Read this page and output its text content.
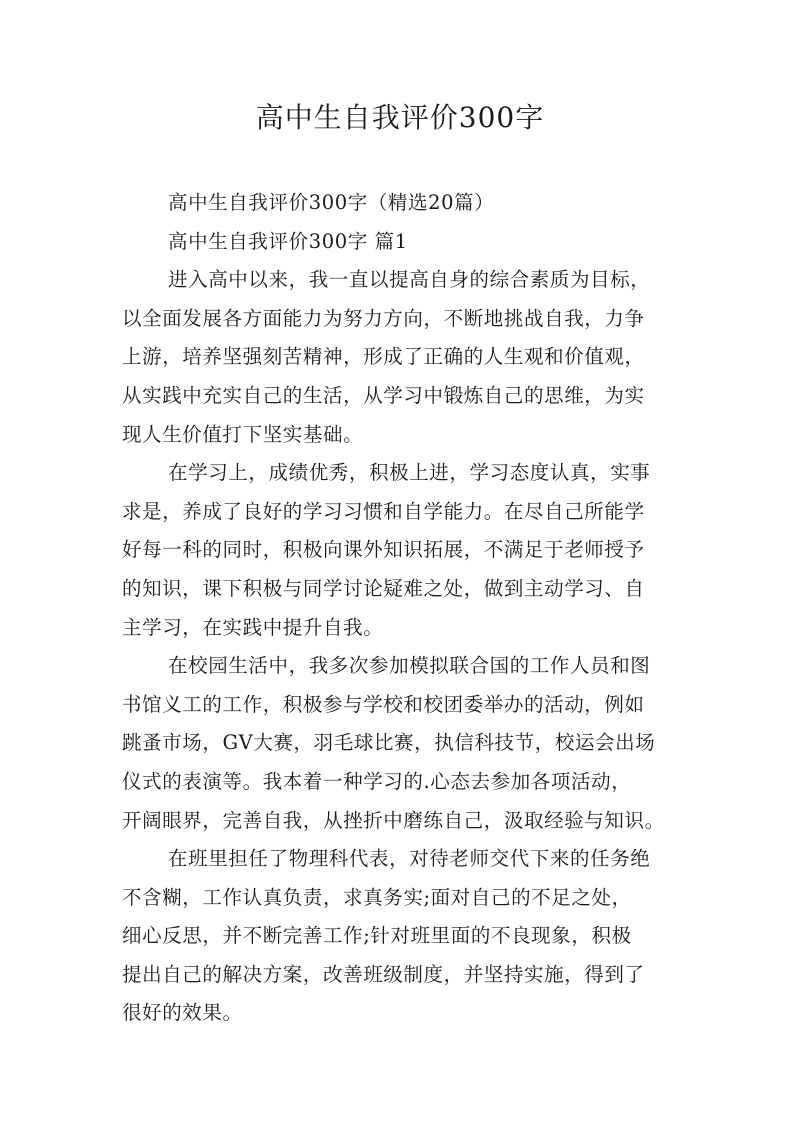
高中生自我评价300字
高中生自我评价300字（精选20篇）
高中生自我评价300字 篇1
进入高中以来，我一直以提高自身的综合素质为目标，
以全面发展各方面能力为努力方向，不断地挑战自我，力争
上游，培养坚强刻苦精神，形成了正确的人生观和价值观，
从实践中充实自己的生活，从学习中锻炼自己的思维，为实
现人生价值打下坚实基础。
在学习上，成绩优秀，积极上进，学习态度认真，实事
求是，养成了良好的学习习惯和自学能力。在尽自己所能学
好每一科的同时，积极向课外知识拓展，不满足于老师授予
的知识，课下积极与同学讨论疑难之处，做到主动学习、自
主学习，在实践中提升自我。
在校园生活中，我多次参加模拟联合国的工作人员和图
书馆义工的工作，积极参与学校和校团委举办的活动，例如
跳蚤市场，GV大赛，羽毛球比赛，执信科技节，校运会出场
仪式的表演等。我本着一种学习的.心态去参加各项活动，
开阔眼界，完善自我，从挫折中磨练自己，汲取经验与知识。
在班里担任了物理科代表，对待老师交代下来的任务绝
不含糊，工作认真负责，求真务实;面对自己的不足之处，
细心反思，并不断完善工作;针对班里面的不良现象，积极
提出自己的解决方案，改善班级制度，并坚持实施，得到了
很好的效果。
